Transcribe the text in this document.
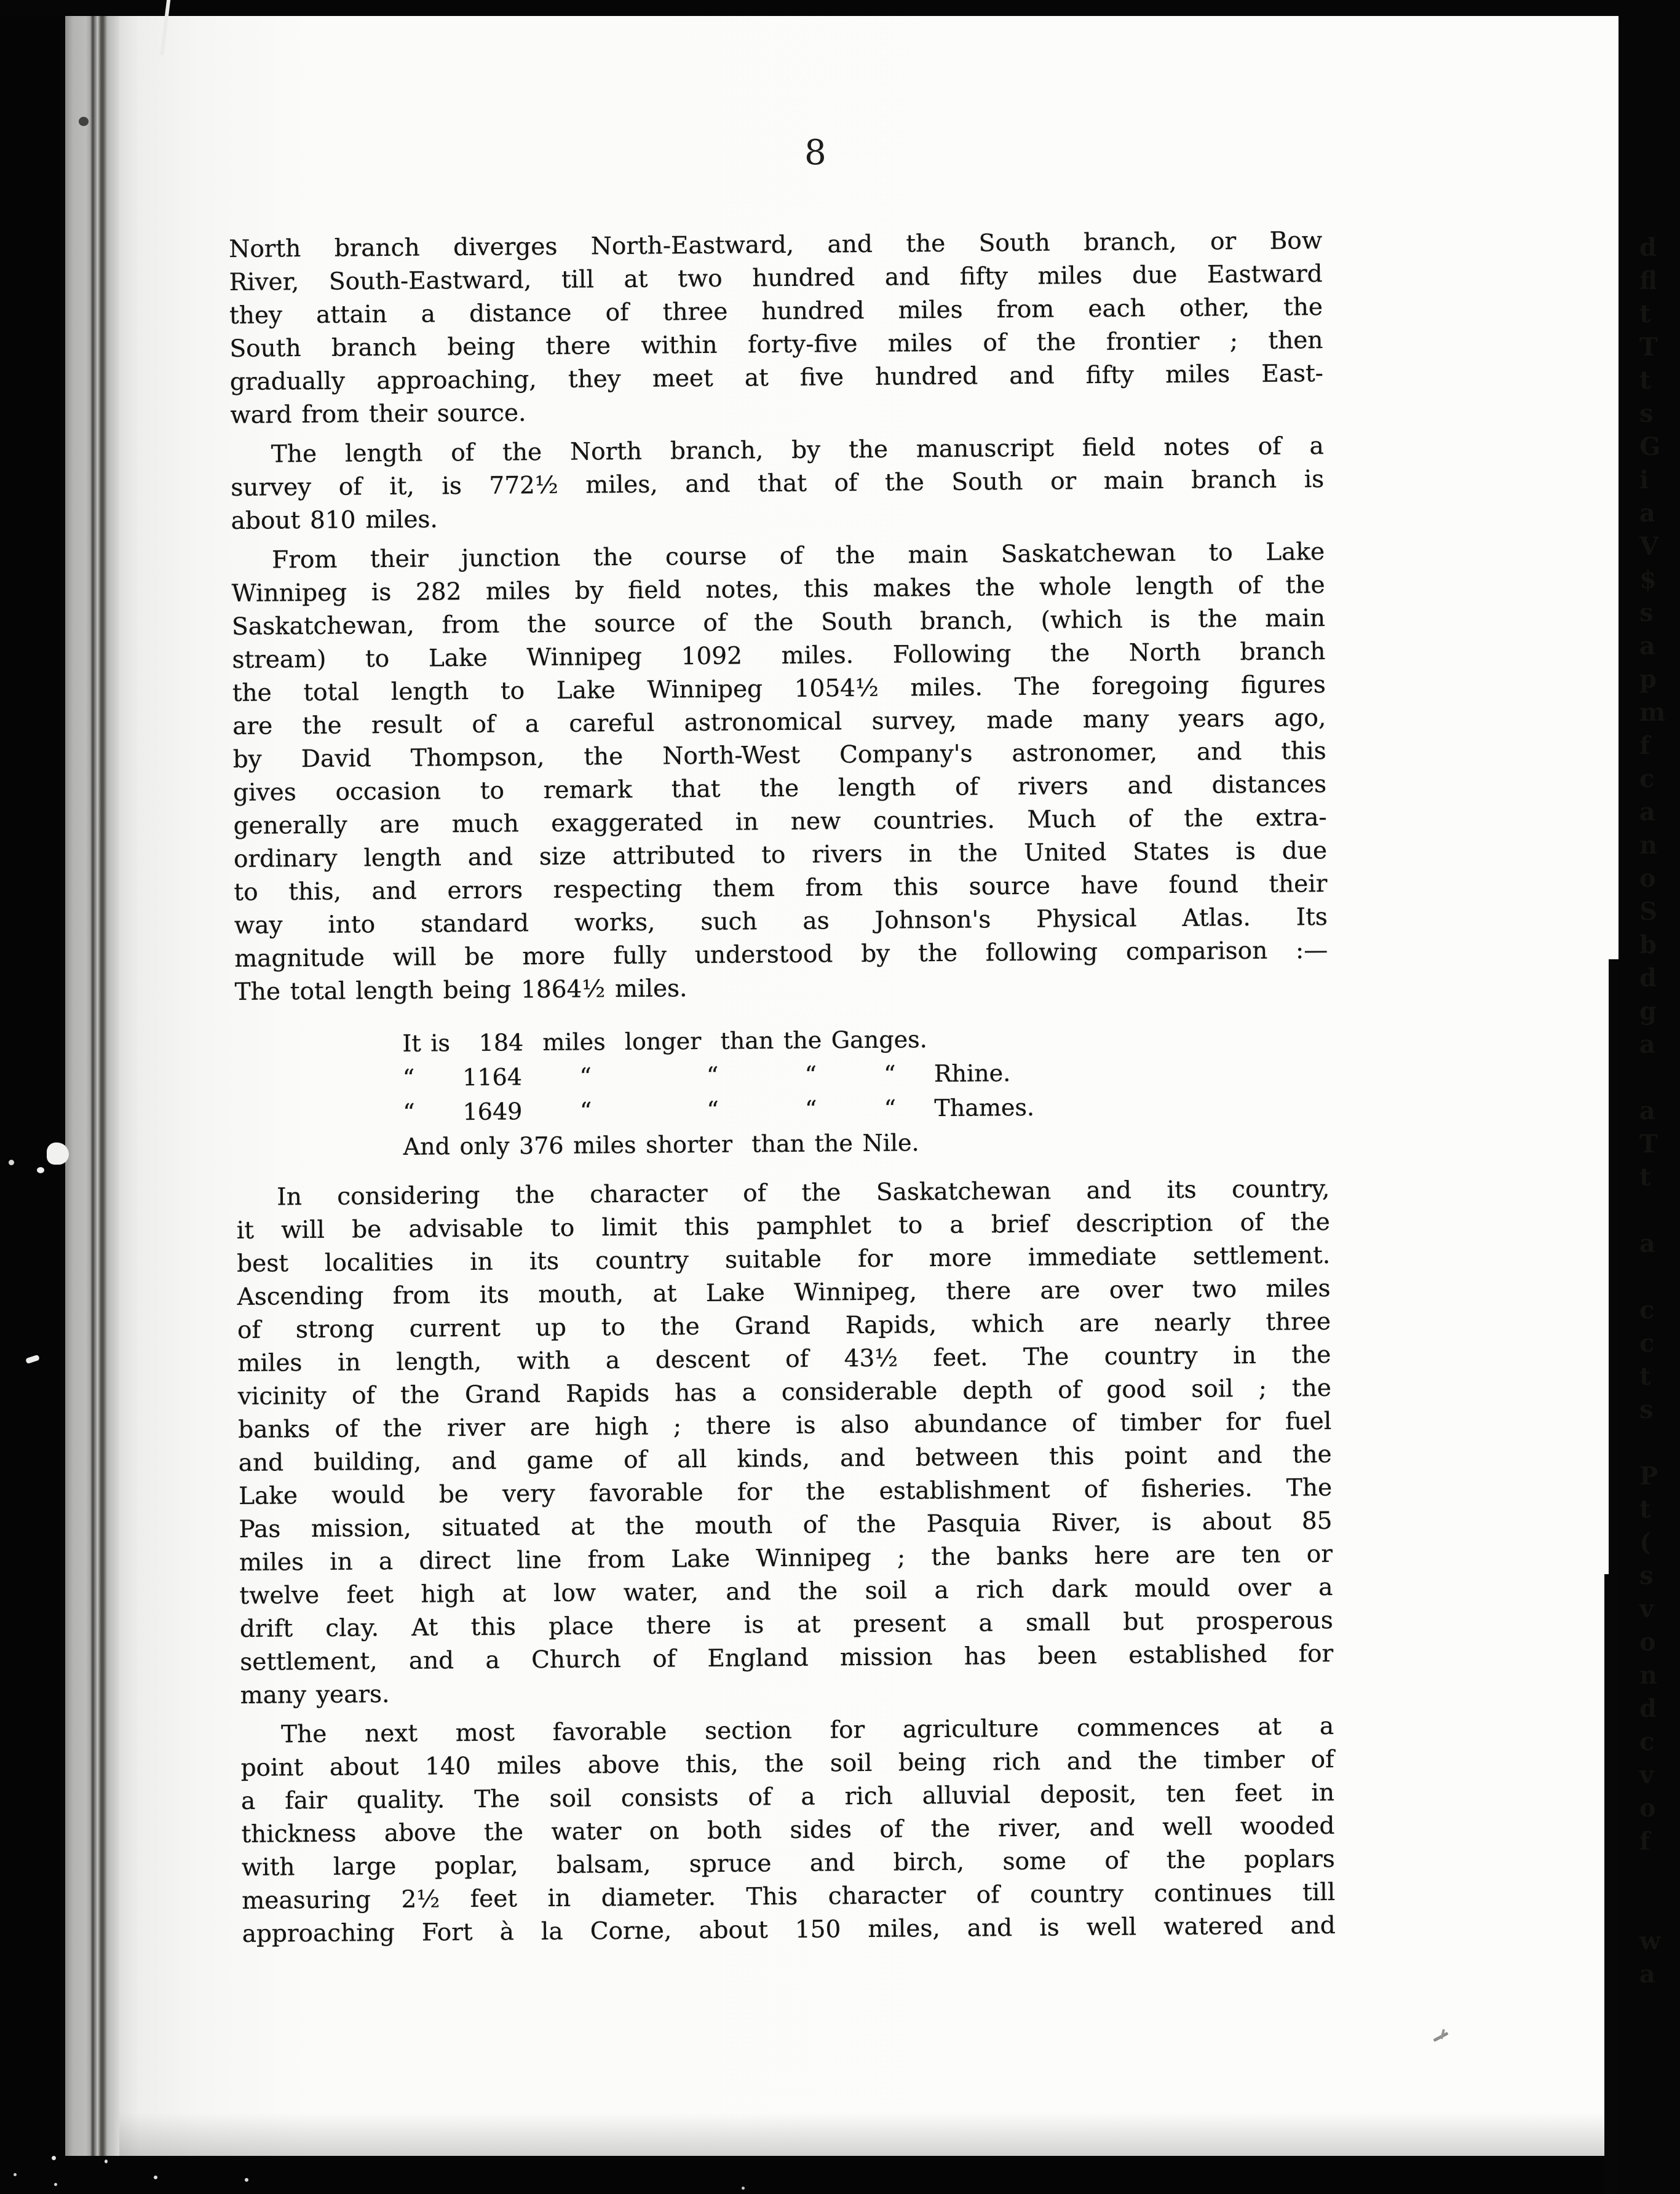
8
North branch diverges North-Eastward, and the South branch, or Bow
River, South-Eastward, till at two hundred and fifty miles due Eastward
they attain a distance of three hundred miles from each other, the
South branch being there within forty-five miles of the frontier ; then
gradually approaching, they meet at five hundred and fifty miles East-
ward from their source.
The length of the North branch, by the manuscript field notes of a
survey of it, is 772½ miles, and that of the South or main branch is
about 810 miles.
From their junction the course of the main Saskatchewan to Lake
Winnipeg is 282 miles by field notes, this makes the whole length of the
Saskatchewan, from the source of the South branch, (which is the main
stream) to Lake Winnipeg 1092 miles. Following the North branch
the total length to Lake Winnipeg 1054½ miles. The foregoing figures
are the result of a careful astronomical survey, made many years ago,
by David Thompson, the North-West Company's astronomer, and this
gives occasion to remark that the length of rivers and distances
generally are much exaggerated in new countries. Much of the extra-
ordinary length and size attributed to rivers in the United States is due
to this, and errors respecting them from this source have found their
way into standard works, such as Johnson's Physical Atlas. Its
magnitude will be more fully understood by the following comparison :—
The total length being 1864½ miles.
It is   184  miles  longer  than the Ganges.
“     1164      “            “         “       “    Rhine.
“     1649      “            “         “       “    Thames.
And only 376 miles shorter  than the Nile.
In considering the character of the Saskatchewan and its country,
it will be advisable to limit this pamphlet to a brief description of the
best localities in its country suitable for more immediate settlement.
Ascending from its mouth, at Lake Winnipeg, there are over two miles
of strong current up to the Grand Rapids, which are nearly three
miles in length, with a descent of 43½ feet. The country in the
vicinity of the Grand Rapids has a considerable depth of good soil ; the
banks of the river are high ; there is also abundance of timber for fuel
and building, and game of all kinds, and between this point and the
Lake would be very favorable for the establishment of fisheries. The
Pas mission, situated at the mouth of the Pasquia River, is about 85
miles in a direct line from Lake Winnipeg ; the banks here are ten or
twelve feet high at low water, and the soil a rich dark mould over a
drift clay. At this place there is at present a small but prosperous
settlement, and a Church of England mission has been established for
many years.
The next most favorable section for agriculture commences at a
point about 140 miles above this, the soil being rich and the timber of
a fair quality. The soil consists of a rich alluvial deposit, ten feet in
thickness above the water on both sides of the river, and well wooded
with large poplar, balsam, spruce and birch, some of the poplars
measuring 2½ feet in diameter. This character of country continues till
approaching Fort à la Corne, about 150 miles, and is well watered and
d
fl
t
T
t
s
G
i
a
V
$
s
a
p
m
f
c
a
n
o
S
b
d
g
a
a
T
t
a
c
c
t
s
P
t
(
s
v
o
n
d
c
v
o
f
w
a
